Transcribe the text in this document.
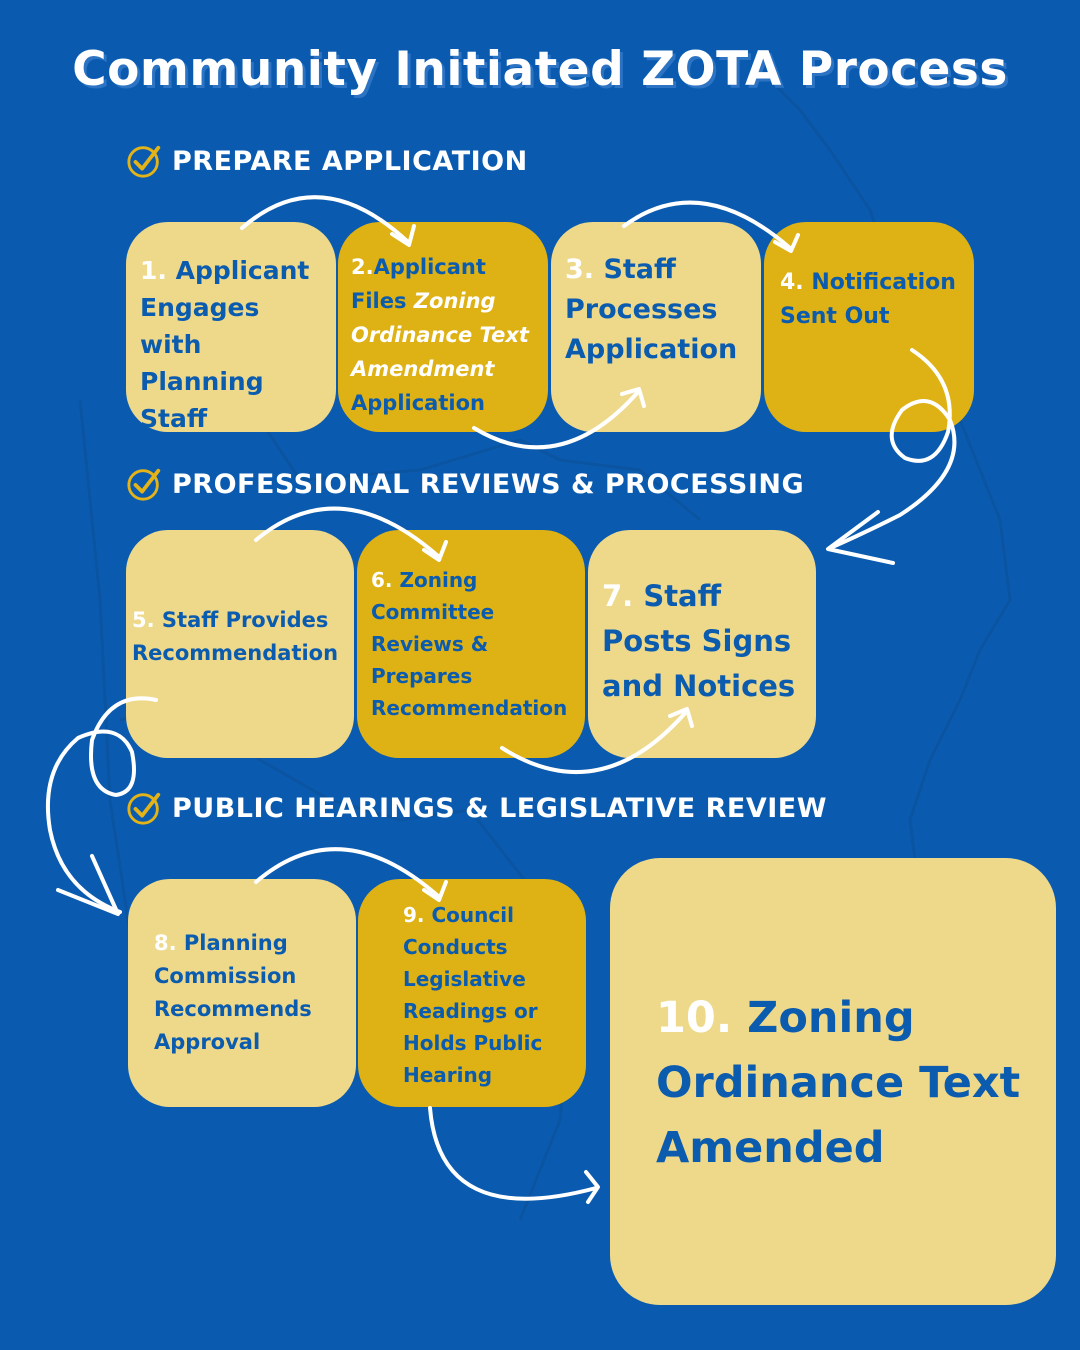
Community Initiated ZOTA Process
PREPARE APPLICATION
PROFESSIONAL REVIEWS & PROCESSING
PUBLIC HEARINGS & LEGISLATIVE REVIEW
1. Applicant Engages with Planning Staff
2.Applicant Files Zoning Ordinance Text Amendment Application
3. Staff Processes Application
4. Notification Sent Out
5. Staff Provides Recommendation
6. Zoning Committee Reviews & Prepares Recommendation
7. Staff Posts Signs and Notices
8. Planning Commission Recommends Approval
9. Council Conducts Legislative Readings or Holds Public Hearing
10. Zoning Ordinance Text Amended
